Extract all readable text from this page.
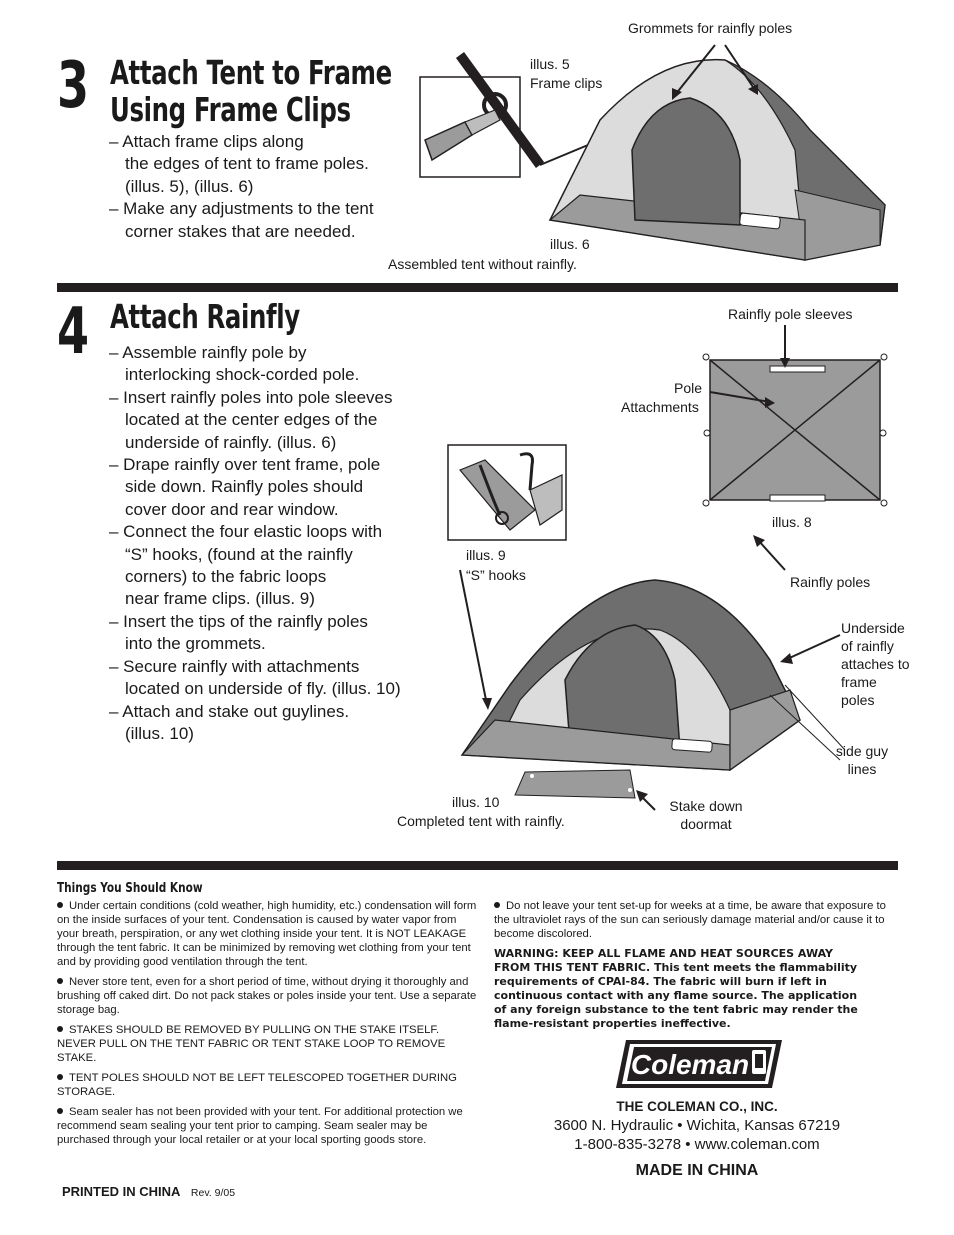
3 Attach Tent to Frame
Using Frame Clips
– Attach frame clips along
the edges of tent to frame poles.
(illus. 5), (illus. 6)
– Make any adjustments to the tent
corner stakes that are needed.
Grommets for rainfly poles
illus. 5
Frame clips
illus. 6
Assembled tent without rainfly.
4 Attach Rainfly
– Assemble rainfly pole by
interlocking shock-corded pole.
– Insert rainfly poles into pole sleeves
located at the center edges of the
underside of rainfly. (illus. 6)
– Drape rainfly over tent frame, pole
side down. Rainfly poles should
cover door and rear window.
– Connect the four elastic loops with
“S” hooks, (found at the rainfly
corners) to the fabric loops
near frame clips. (illus. 9)
– Insert the tips of the rainfly poles
into the grommets.
– Secure rainfly with attachments
located on underside of fly. (illus. 10)
– Attach and stake out guylines.
(illus. 10)
Rainfly pole sleeves
Pole
Attachments
illus. 8
illus. 9
“S” hooks	Rainfly poles
Underside
of rainfly
attaches to
frame
poles
side guy
lines
illus. 10
Completed tent with rainfly.
Stake down
doormat
Things You Should Know

Under certain conditions (cold weather, high humidity, etc.) condensation will form on the inside surfaces of your tent. Condensation is caused by water vapor from your breath, perspiration, or any wet clothing inside your tent. It is NOT LEAKAGE through the tent fabric. It can be minimized by removing wet clothing from your tent and by providing good ventilation through the tent.

Never store tent, even for a short period of time, without drying it thoroughly and brushing off caked dirt. Do not pack stakes or poles inside your tent. Use a separate storage bag.

STAKES SHOULD BE REMOVED BY PULLING ON THE STAKE ITSELF. NEVER PULL ON THE TENT FABRIC OR TENT STAKE LOOP TO REMOVE STAKE.

TENT POLES SHOULD NOT BE LEFT TELESCOPED TOGETHER DURING STORAGE.

Seam sealer has not been provided with your tent. For additional protection we recommend seam sealing your tent prior to camping. Seam sealer may be purchased through your local retailer or at your local sporting goods store.

Do not leave your tent set-up for weeks at a time, be aware that exposure to the ultraviolet rays of the sun can seriously damage material and/or cause it to become discolored.

WARNING: KEEP ALL FLAME AND HEAT SOURCES AWAY FROM THIS TENT FABRIC. This tent meets the flammability requirements of CPAI-84. The fabric will burn if left in continuous contact with any flame source. The application of any foreign substance to the tent fabric may render the flame-resistant properties ineffective.
Coleman
THE COLEMAN CO., INC.
3600 N. Hydraulic • Wichita, Kansas 67219
1-800-835-3278 • www.coleman.com
MADE IN CHINA
PRINTED IN CHINA Rev. 9/05
